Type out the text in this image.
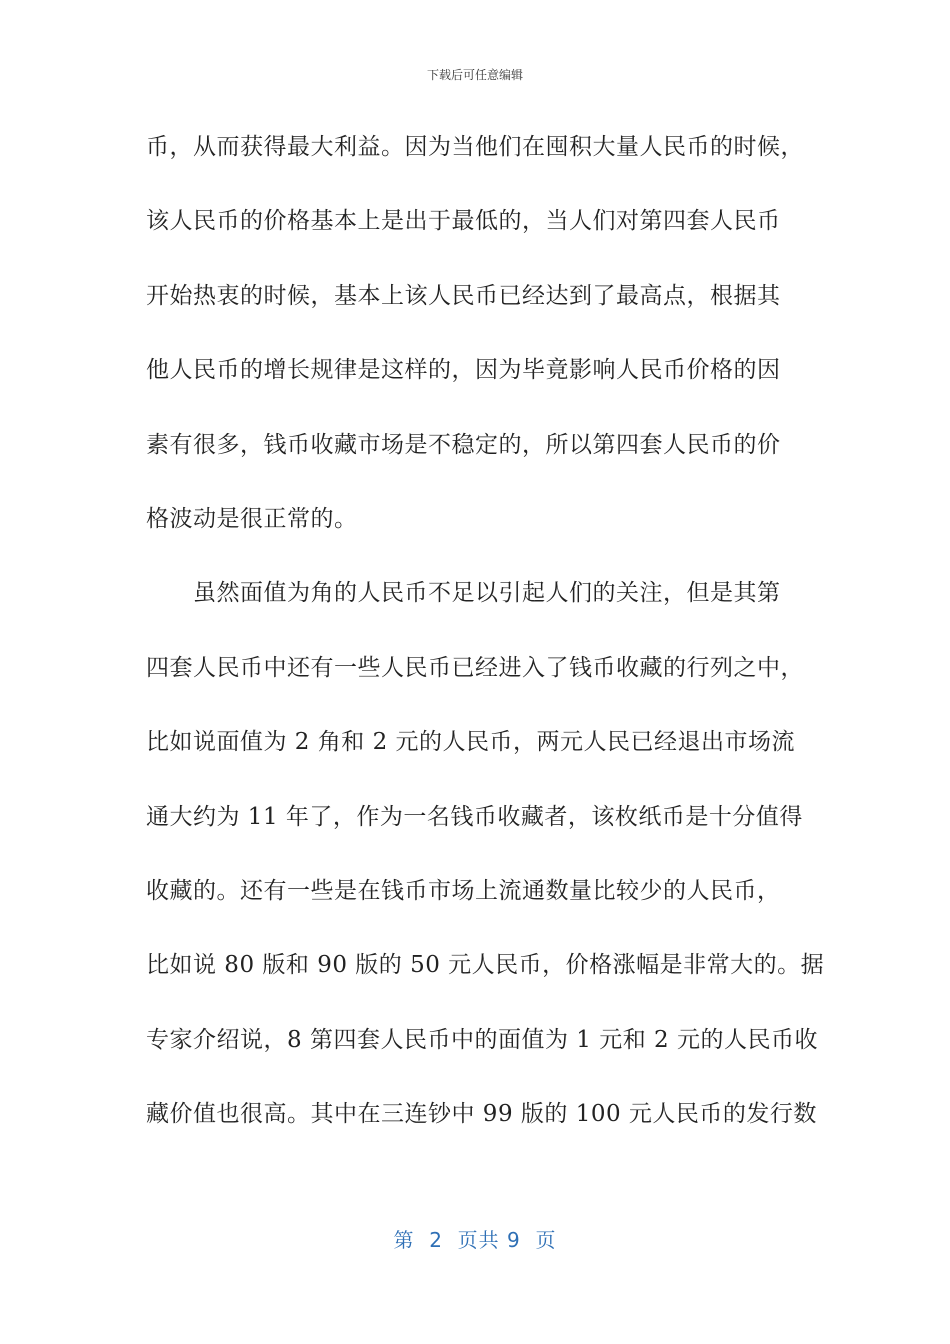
下载后可任意编辑
币，从而获得最大利益。因为当他们在囤积大量人民币的时候，
该人民币的价格基本上是出于最低的，当人们对第四套人民币
开始热衷的时候，基本上该人民币已经达到了最高点，根据其
他人民币的增长规律是这样的，因为毕竟影响人民币价格的因
素有很多，钱币收藏市场是不稳定的，所以第四套人民币的价
格波动是很正常的。
　　虽然面值为角的人民币不足以引起人们的关注，但是其第
四套人民币中还有一些人民币已经进入了钱币收藏的行列之中，
比如说面值为 2 角和 2 元的人民币，两元人民已经退出市场流
通大约为 11 年了，作为一名钱币收藏者，该枚纸币是十分值得
收藏的。还有一些是在钱币市场上流通数量比较少的人民币，
比如说 80 版和 90 版的 50 元人民币，价格涨幅是非常大的。据
专家介绍说，8 第四套人民币中的面值为 1 元和 2 元的人民币收
藏价值也很高。其中在三连钞中 99 版的 100 元人民币的发行数
第  2  页共 9  页
